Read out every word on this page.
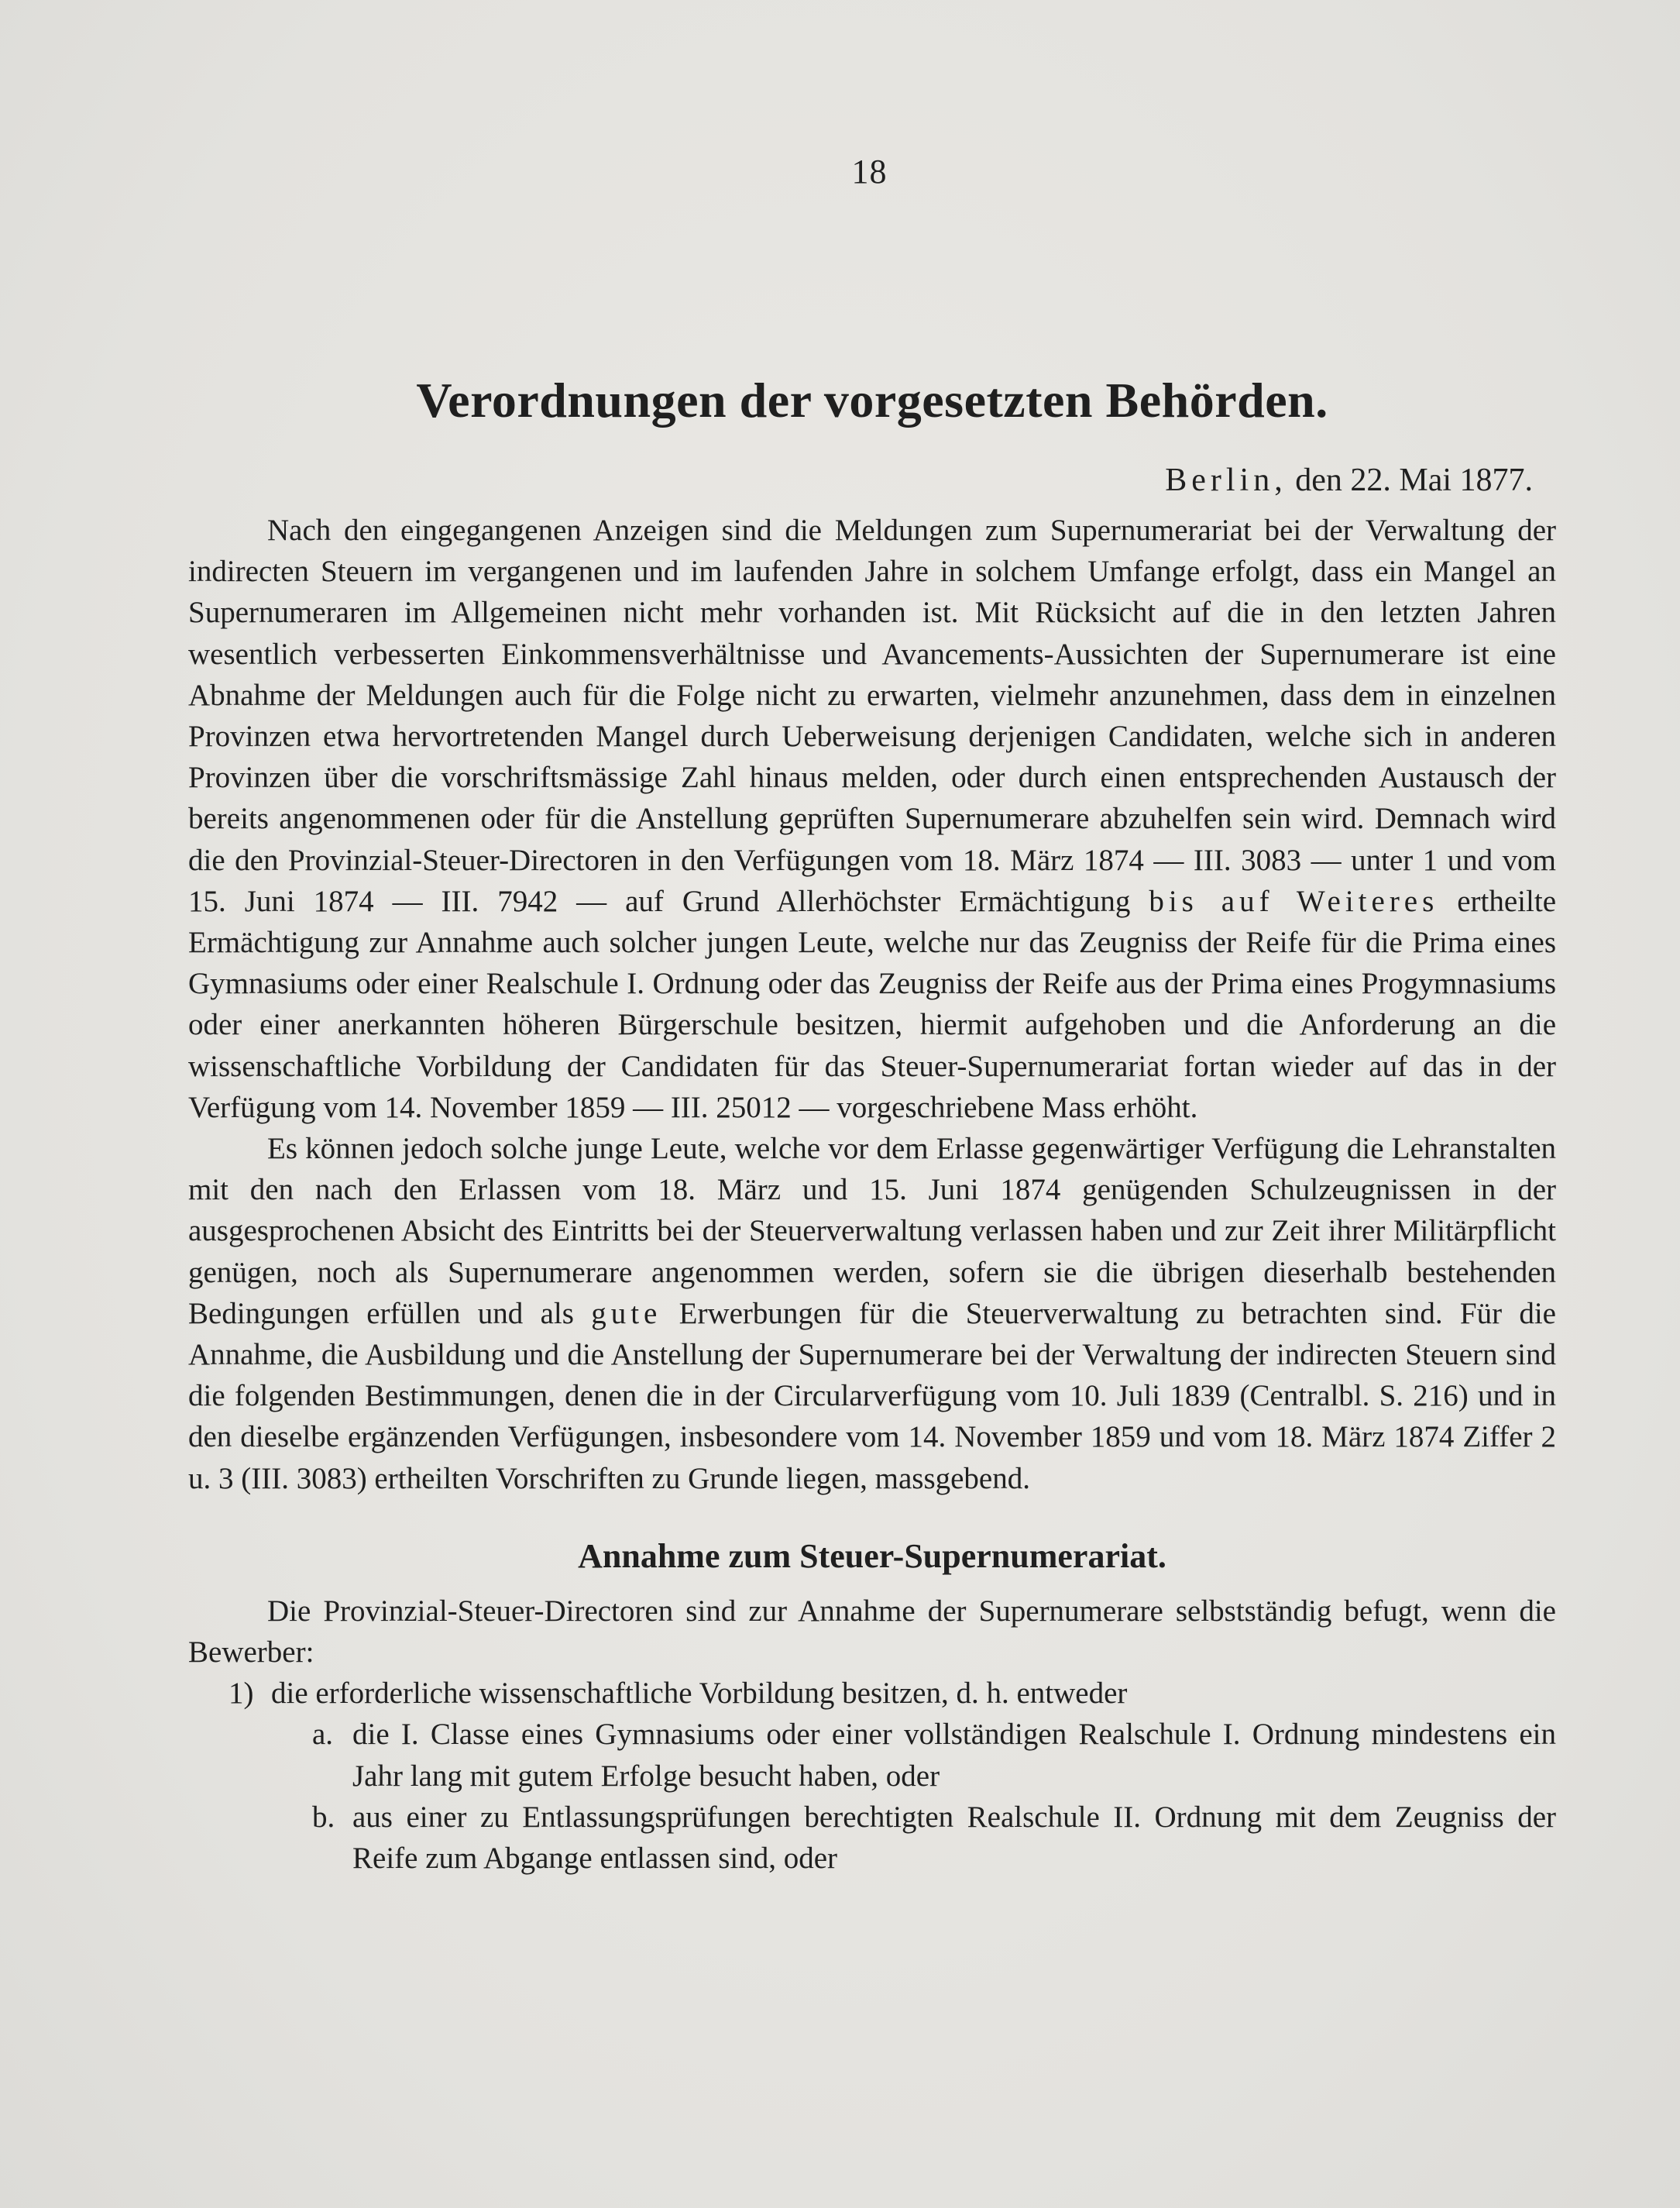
18
Verordnungen der vorgesetzten Behörden.
Berlin, den 22. Mai 1877.

Nach den eingegangenen Anzeigen sind die Meldungen zum Supernumerariat bei der Verwaltung der indirecten Steuern im vergangenen und im laufenden Jahre in solchem Umfange erfolgt, dass ein Mangel an Supernumeraren im Allgemeinen nicht mehr vorhanden ist. Mit Rücksicht auf die in den letzten Jahren wesentlich verbesserten Einkommensverhältnisse und Avancements-Aussichten der Supernumerare ist eine Abnahme der Meldungen auch für die Folge nicht zu erwarten, vielmehr anzunehmen, dass dem in einzelnen Provinzen etwa hervortretenden Mangel durch Ueberweisung derjenigen Candidaten, welche sich in anderen Provinzen über die vorschriftsmässige Zahl hinaus melden, oder durch einen entsprechenden Austausch der bereits angenommenen oder für die Anstellung geprüften Supernumerare abzuhelfen sein wird. Demnach wird die den Provinzial-Steuer-Directoren in den Verfügungen vom 18. März 1874 — III. 3083 — unter 1 und vom 15. Juni 1874 — III. 7942 — auf Grund Allerhöchster Ermächtigung bis auf Weiteres ertheilte Ermächtigung zur Annahme auch solcher jungen Leute, welche nur das Zeugniss der Reife für die Prima eines Gymnasiums oder einer Realschule I. Ordnung oder das Zeugniss der Reife aus der Prima eines Progymnasiums oder einer anerkannten höheren Bürgerschule besitzen, hiermit aufgehoben und die Anforderung an die wissenschaftliche Vorbildung der Candidaten für das Steuer-Supernumerariat fortan wieder auf das in der Verfügung vom 14. November 1859 — III. 25012 — vorgeschriebene Mass erhöht.

Es können jedoch solche junge Leute, welche vor dem Erlasse gegenwärtiger Verfügung die Lehranstalten mit den nach den Erlassen vom 18. März und 15. Juni 1874 genügenden Schulzeugnissen in der ausgesprochenen Absicht des Eintritts bei der Steuerverwaltung verlassen haben und zur Zeit ihrer Militärpflicht genügen, noch als Supernumerare angenommen werden, sofern sie die übrigen dieserhalb bestehenden Bedingungen erfüllen und als gute Erwerbungen für die Steuerverwaltung zu betrachten sind. Für die Annahme, die Ausbildung und die Anstellung der Supernumerare bei der Verwaltung der indirecten Steuern sind die folgenden Bestimmungen, denen die in der Circularverfügung vom 10. Juli 1839 (Centralbl. S. 216) und in den dieselbe ergänzenden Verfügungen, insbesondere vom 14. November 1859 und vom 18. März 1874 Ziffer 2 u. 3 (III. 3083) ertheilten Vorschriften zu Grunde liegen, massgebend.

Annahme zum Steuer-Supernumerariat.

Die Provinzial-Steuer-Directoren sind zur Annahme der Supernumerare selbstständig befugt, wenn die Bewerber:

1) die erforderliche wissenschaftliche Vorbildung besitzen, d. h. entweder
a. die I. Classe eines Gymnasiums oder einer vollständigen Realschule I. Ordnung mindestens ein Jahr lang mit gutem Erfolge besucht haben, oder
b. aus einer zu Entlassungsprüfungen berechtigten Realschule II. Ordnung mit dem Zeugniss der Reife zum Abgange entlassen sind, oder
